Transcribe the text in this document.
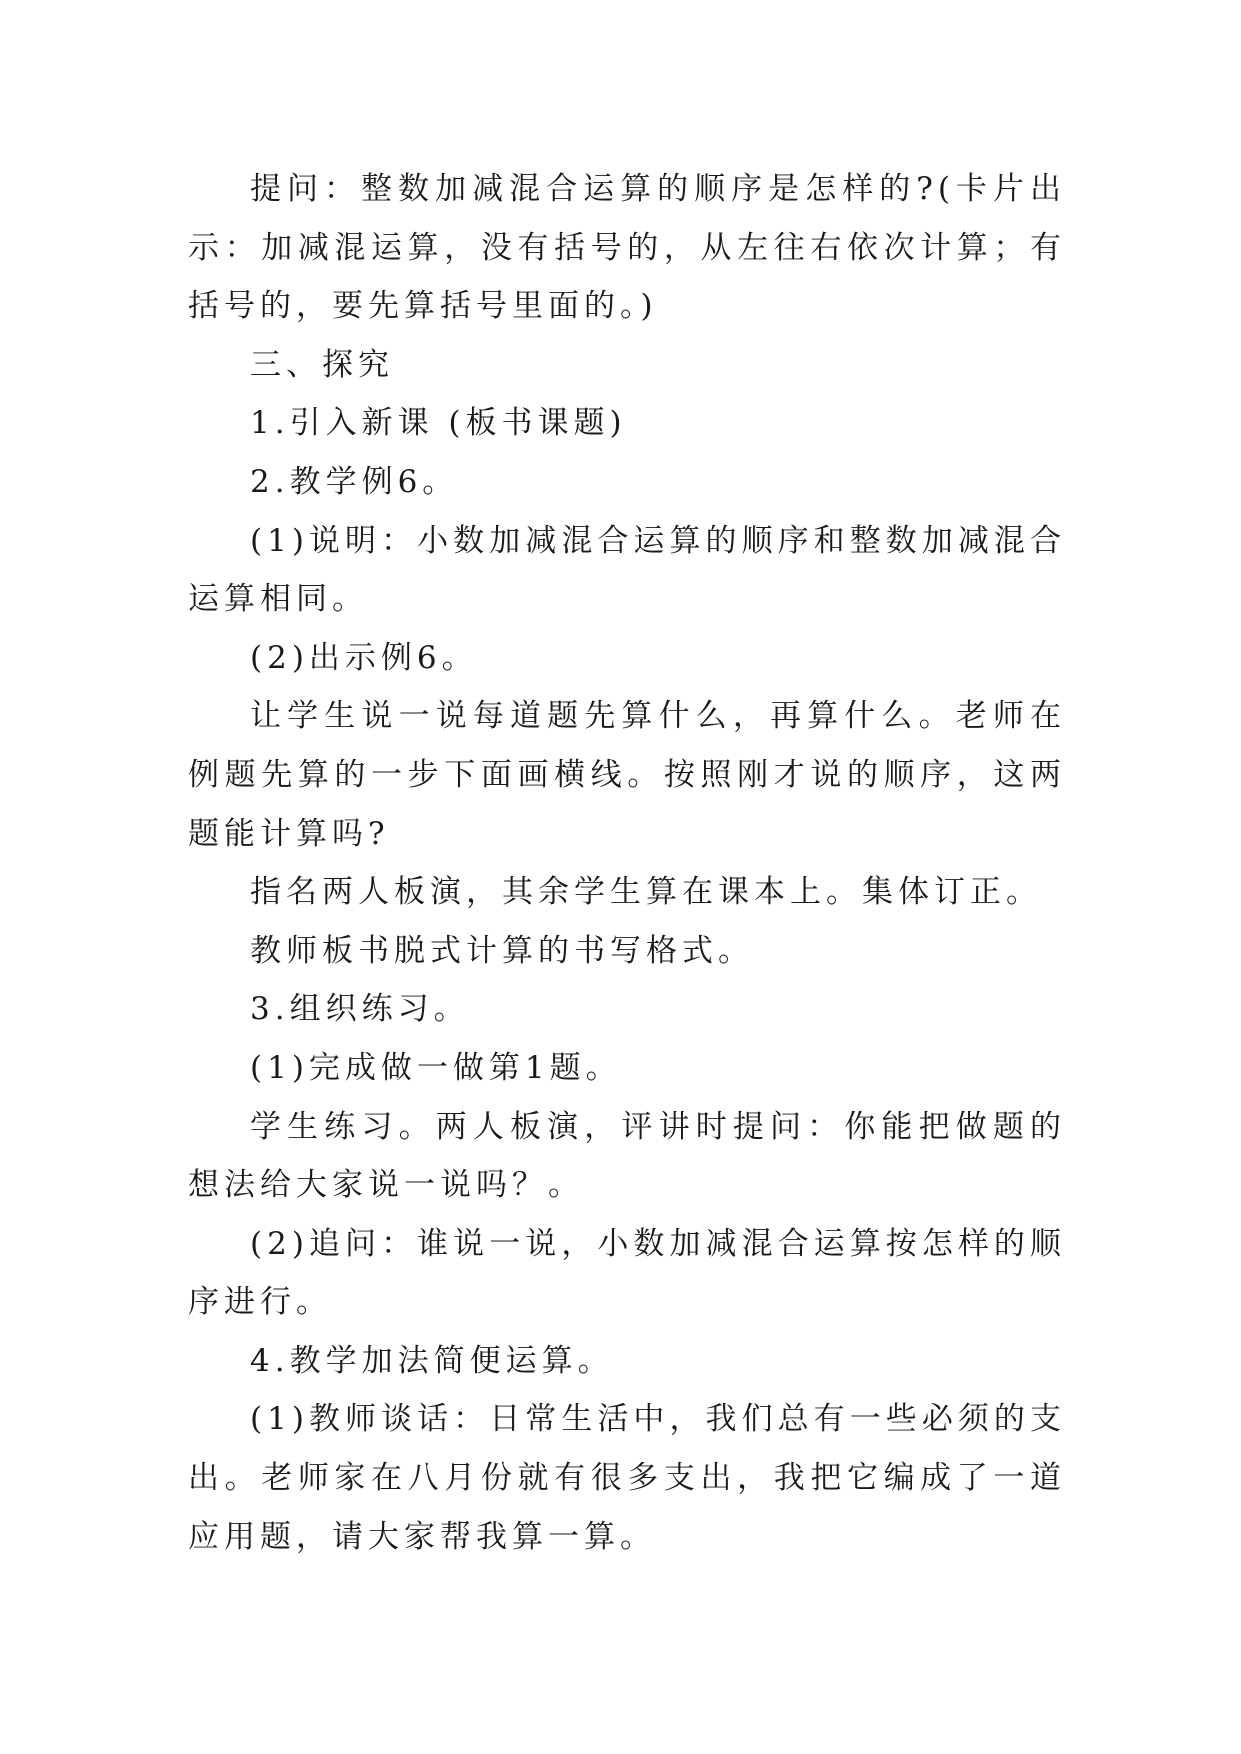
提问：整数加减混合运算的顺序是怎样的?(卡片出示：加减混运算，没有括号的，从左往右依次计算；有括号的，要先算括号里面的。)

三、探究

1.引入新课 (板书课题)

2.教学例6。

(1)说明：小数加减混合运算的顺序和整数加减混合运算相同。

(2)出示例6。

让学生说一说每道题先算什么，再算什么。老师在例题先算的一步下面画横线。按照刚才说的顺序，这两题能计算吗?

指名两人板演，其余学生算在课本上。集体订正。

教师板书脱式计算的书写格式。

3.组织练习。

(1)完成做一做第1题。

学生练习。两人板演，评讲时提问：你能把做题的想法给大家说一说吗？。

(2)追问：谁说一说，小数加减混合运算按怎样的顺序进行。

4.教学加法简便运算。

(1)教师谈话：日常生活中，我们总有一些必须的支出。老师家在八月份就有很多支出，我把它编成了一道应用题，请大家帮我算一算。
